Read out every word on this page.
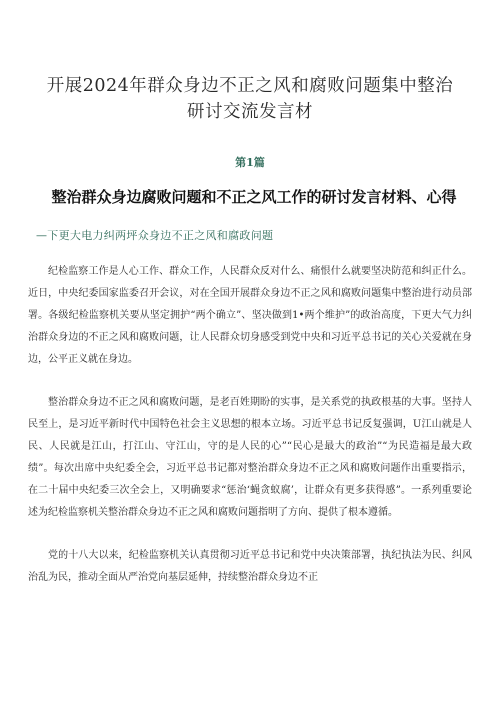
开展2024年群众身边不正之风和腐败问题集中整治
研讨交流发言材
第1篇
整治群众身边腐败问题和不正之风工作的研讨发言材料、心得
—下更大电力纠两坪众身边不正之风和腐政问题

纪检监察工作是人心工作、群众工作，人民群众反对什么、痛恨什么就要坚决防范和纠正什么。近日，中央纪委国家监委召开会议，对在全国开展群众身边不正之风和腐败问题集中整治进行动员部署。各级纪检监察机关要从坚定拥护“两个确立”、坚决做到1•两个维护”的政治高度，下更大气力纠治群众身边的不正之风和腐败问题，让人民群众切身感受到党中央和习近平总书记的关心关爱就在身边，公平正义就在身边。

整治群众身边不正之风和腐败问题，是老百姓期盼的实事，是关系党的执政根基的大事。坚持人民至上，是习近平新时代中国特色社会主义思想的根本立场。习近平总书记反复强调，U江山就是人民、人民就是江山，打江山、守江山，守的是人民的心”“民心是最大的政治”“为民造福是最大政绩”。每次出席中央纪委全会，习近平总书记都对整治群众身边不正之风和腐败问题作出重要指示，在二十届中央纪委三次全会上，又明确要求“惩治‘蝇贪蚁腐’，让群众有更多获得感”。一系列重要论述为纪检监察机关整治群众身边不正之风和腐败问题指明了方向、提供了根本遵循。

党的十八大以来，纪检监察机关认真贯彻习近平总书记和党中央决策部署，执纪执法为民、纠风治乱为民，推动全面从严治党向基层延伸，持续整治群众身边不正
